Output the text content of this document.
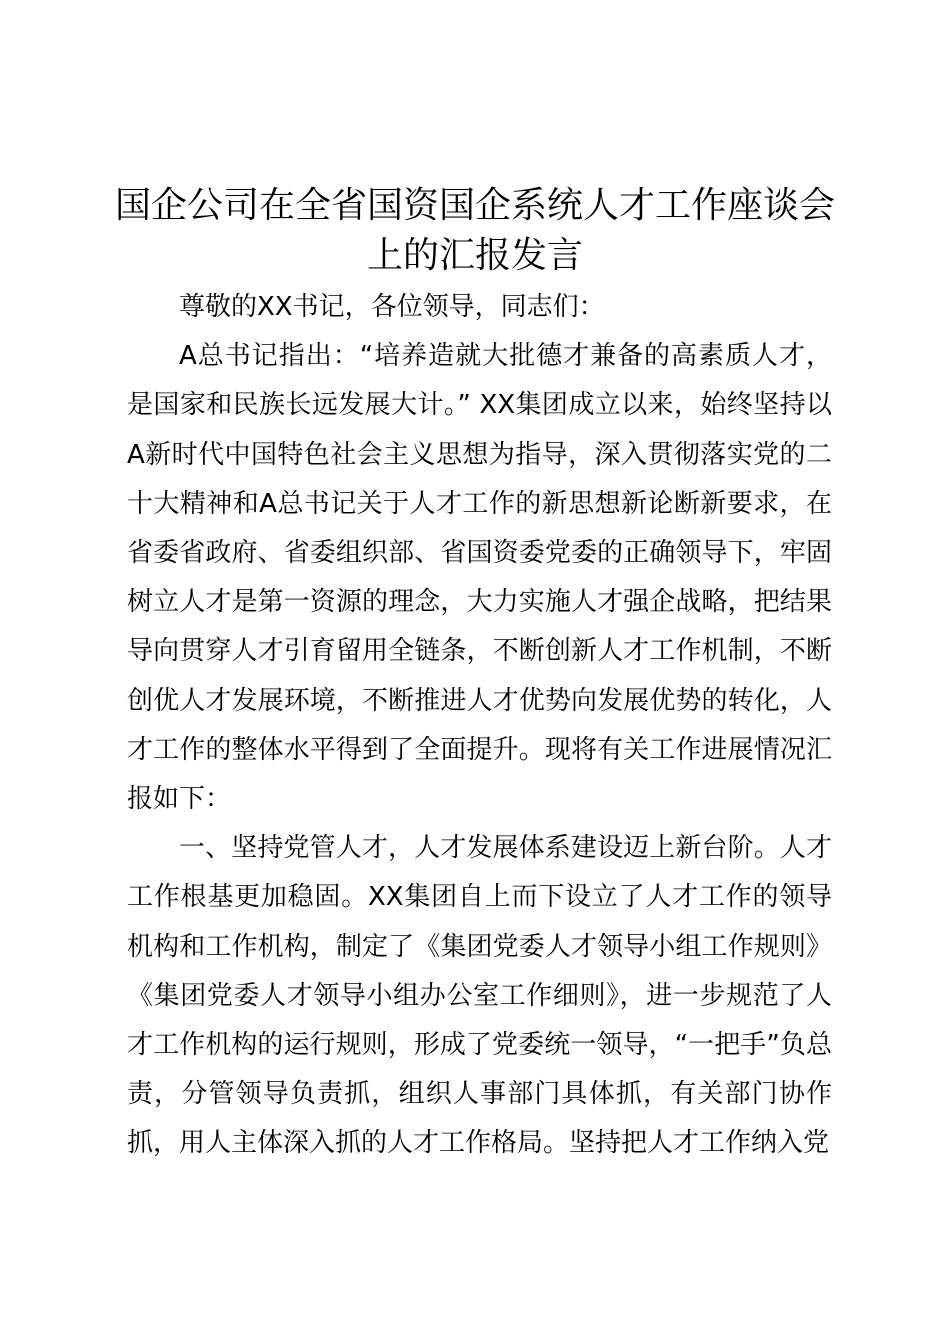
国企公司在全省国资国企系统人才工作座谈会
上的汇报发言

尊敬的XX书记，各位领导，同志们：

A总书记指出：“培养造就大批德才兼备的高素质人才，是国家和民族长远发展大计。” XX集团成立以来，始终坚持以A新时代中国特色社会主义思想为指导，深入贯彻落实党的二十大精神和A总书记关于人才工作的新思想新论断新要求，在省委省政府、省委组织部、省国资委党委的正确领导下，牢固树立人才是第一资源的理念，大力实施人才强企战略，把结果导向贯穿人才引育留用全链条，不断创新人才工作机制，不断创优人才发展环境，不断推进人才优势向发展优势的转化，人才工作的整体水平得到了全面提升。现将有关工作进展情况汇报如下：

一、坚持党管人才，人才发展体系建设迈上新台阶。人才工作根基更加稳固。XX集团自上而下设立了人才工作的领导机构和工作机构，制定了《集团党委人才领导小组工作规则》《集团党委人才领导小组办公室工作细则》，进一步规范了人才工作机构的运行规则，形成了党委统一领导，“一把手”负总责，分管领导负责抓，组织人事部门具体抓，有关部门协作抓，用人主体深入抓的人才工作格局。坚持把人才工作纳入党
